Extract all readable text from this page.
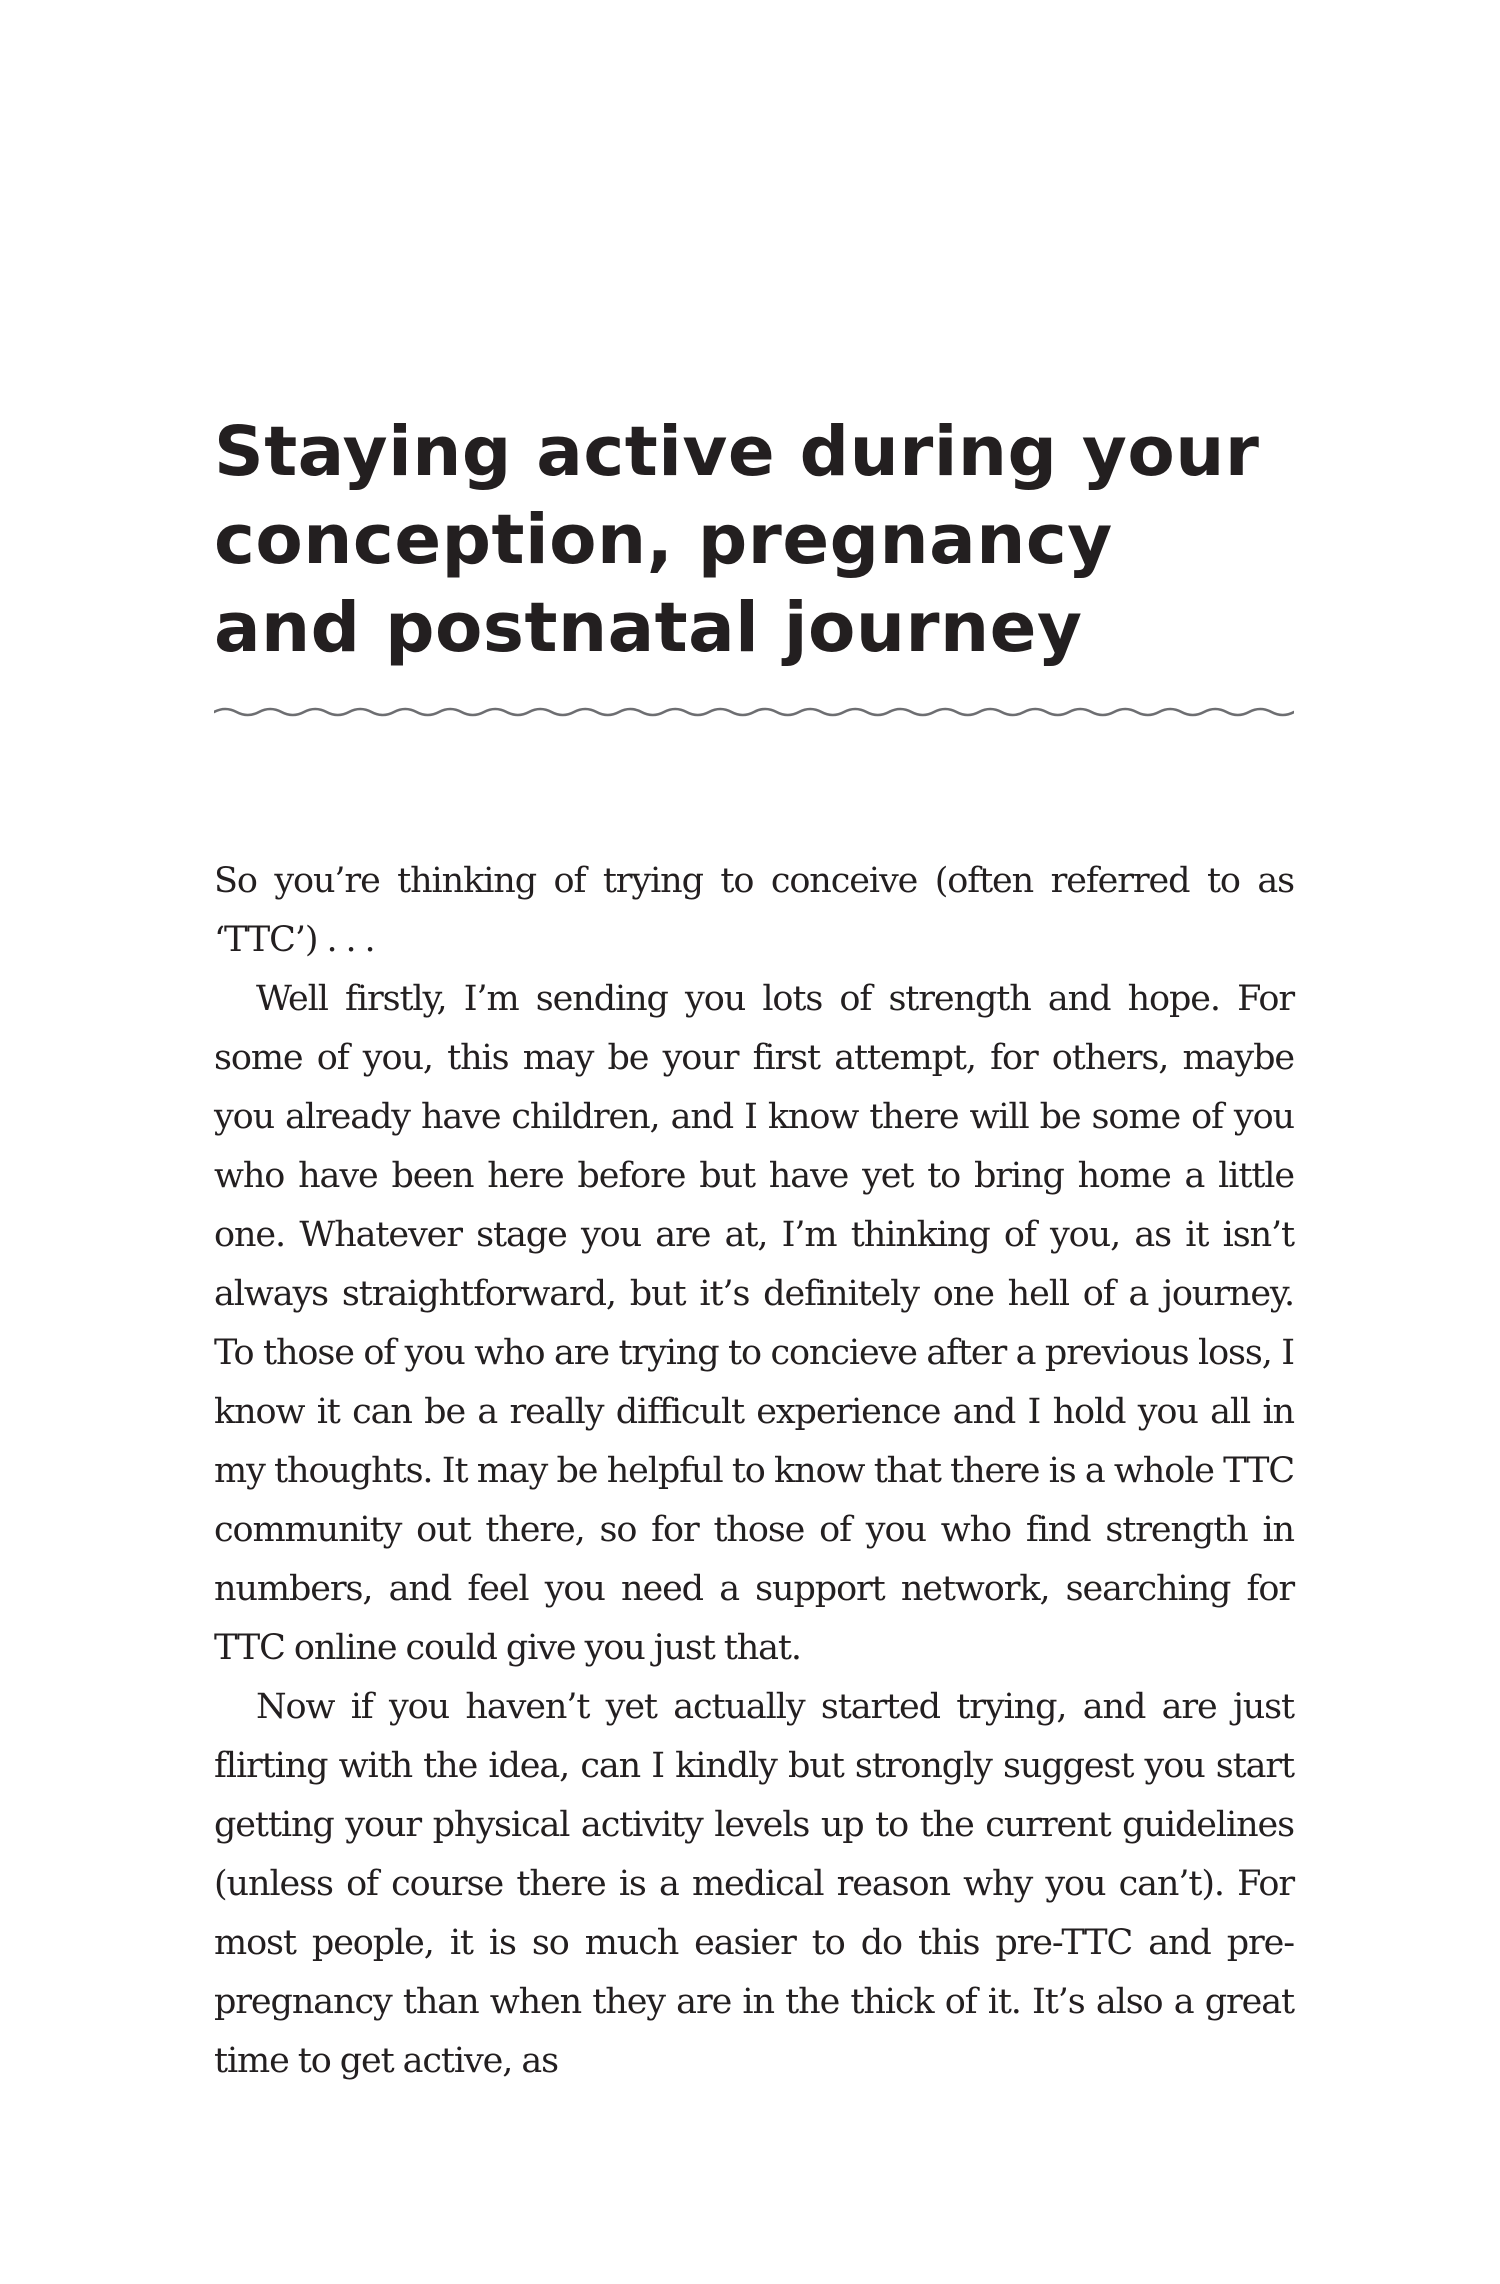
Staying active during your
conception, pregnancy
and postnatal journey

So you’re thinking of trying to conceive (often referred to as ‘TTC’) . . .

Well firstly, I’m sending you lots of strength and hope. For some of you, this may be your first attempt, for others, maybe you already have children, and I know there will be some of you who have been here before but have yet to bring home a little one. Whatever stage you are at, I’m thinking of you, as it isn’t always straightforward, but it’s definitely one hell of a journey. To those of you who are trying to concieve after a previous loss, I know it can be a really difficult experience and I hold you all in my thoughts. It may be helpful to know that there is a whole TTC community out there, so for those of you who find strength in numbers, and feel you need a support network, searching for TTC online could give you just that.

Now if you haven’t yet actually started trying, and are just flirting with the idea, can I kindly but strongly suggest you start getting your physical activity levels up to the current guidelines (unless of course there is a medical reason why you can’t). For most people, it is so much easier to do this pre-TTC and pre-pregnancy than when they are in the thick of it. It’s also a great time to get active, as
